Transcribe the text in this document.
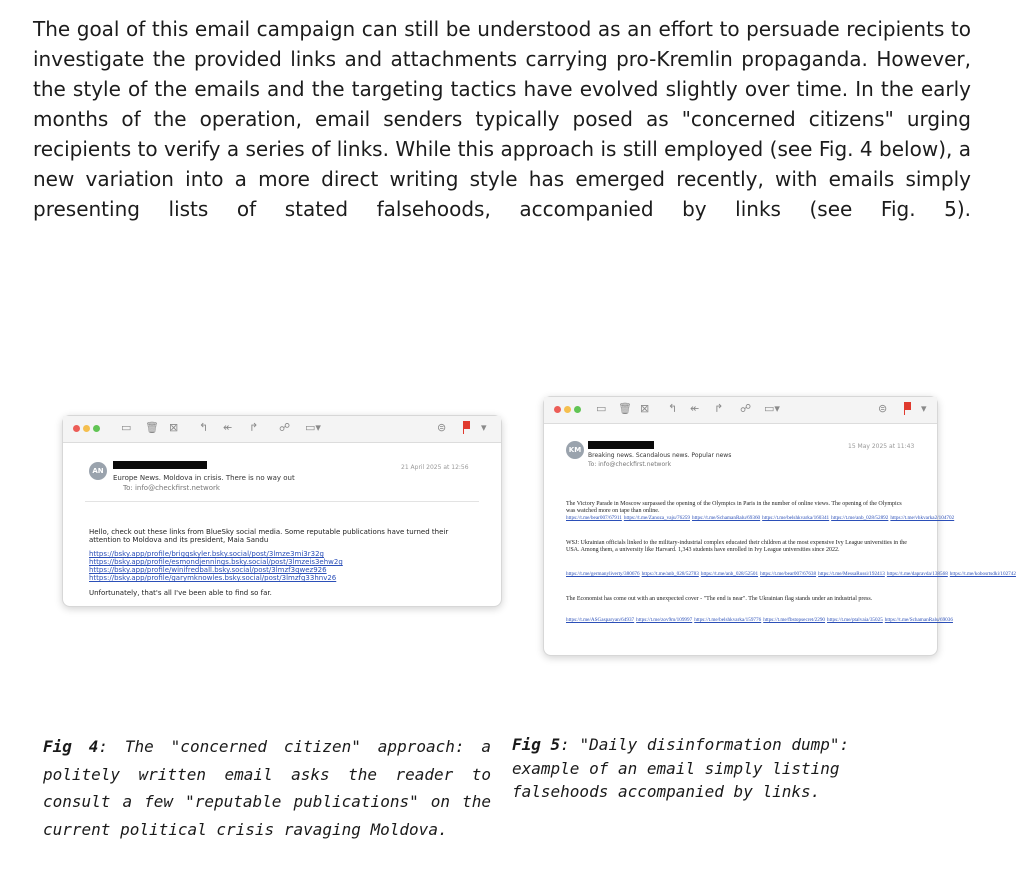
The goal of this email campaign can still be understood as an effort to persuade recipients to investigate the provided links and attachments carrying pro-Kremlin propaganda. However, the style of the emails and the targeting tactics have evolved slightly over time. In the early months of the operation, email senders typically posed as "concerned citizens" urging recipients to verify a series of links. While this approach is still employed (see Fig. 4 below), a new variation into a more direct writing style has emerged recently, with emails simply presenting lists of stated falsehoods, accompanied by links (see Fig. 5).

▭ 🗑 ⊠ ↰ ↞ ↱ ☍ ▭▾	⊜	▾
AN	21 April 2025 at 12:56
Europe News. Moldova in crisis. There is no way out
To: info@checkfirst.network
Hello, check out these links from BlueSky social media. Some reputable publications have turned their attention to Moldova and its president, Maia Sandu
https://bsky.app/profile/briggskyler.bsky.social/post/3lmze3mi3r32g
https://bsky.app/profile/esmondjennings.bsky.social/post/3lmzeis3ehw2g
https://bsky.app/profile/winifredball.bsky.social/post/3lmzf3qwez926
https://bsky.app/profile/garymknowles.bsky.social/post/3lmzfg33hnv26
Unfortunately, that's all I've been able to find so far.
▭ 🗑 ⊠ ↰ ↞ ↱ ☍ ▭▾	⊜	▾
KM	15 May 2025 at 11:43
Breaking news. Scandalous news. Popular news
To: info@checkfirst.network
The Victory Parade in Moscow surpassed the opening of the Olympics in Paris in the number of online views. The opening of the Olympics was watched more on tape than online.
https://t.me/bear007/67911 https://t.me/Zanoza_vaju/76259 https://t.me/SchamanRalu/69360 https://t.me/belshkvarka/160341 https://t.me/anb_028/52892 https://t.me/vhkvarka2/104702
WSJ: Ukrainian officials linked to the military-industrial complex educated their children at the most expensive Ivy League universities in the USA. Among them, a university like Harvard. 1,343 students have enrolled in Ivy League universities since 2022.
https://t.me/germanyliverty/380676 https://t.me/anb_028/52783 https://t.me/anb_028/52501 https://t.me/bear007/67638 https://t.me/MessaRussi/192413 https://t.me/dapravda/138568 https://t.me/kobosrtsdki/102742
The Economist has come out with an unexpected cover - "The end is near". The Ukrainian flag stands under an industrial press.
https://t.me/ASGasparyan/64937 https://t.me/zov9m/109997 https://t.me/belshkvarka/159776 https://t.me/fbstopsecret/2290 https://t.me/ptalvaia/35025 https://t.me/SchamanRalu/69036

Fig 4: The "concerned citizen" approach: a politely written email asks the reader to consult a few "reputable publications" on the current political crisis ravaging Moldova.

Fig 5: "Daily disinformation dump": example of an email simply listing falsehoods accompanied by links.
